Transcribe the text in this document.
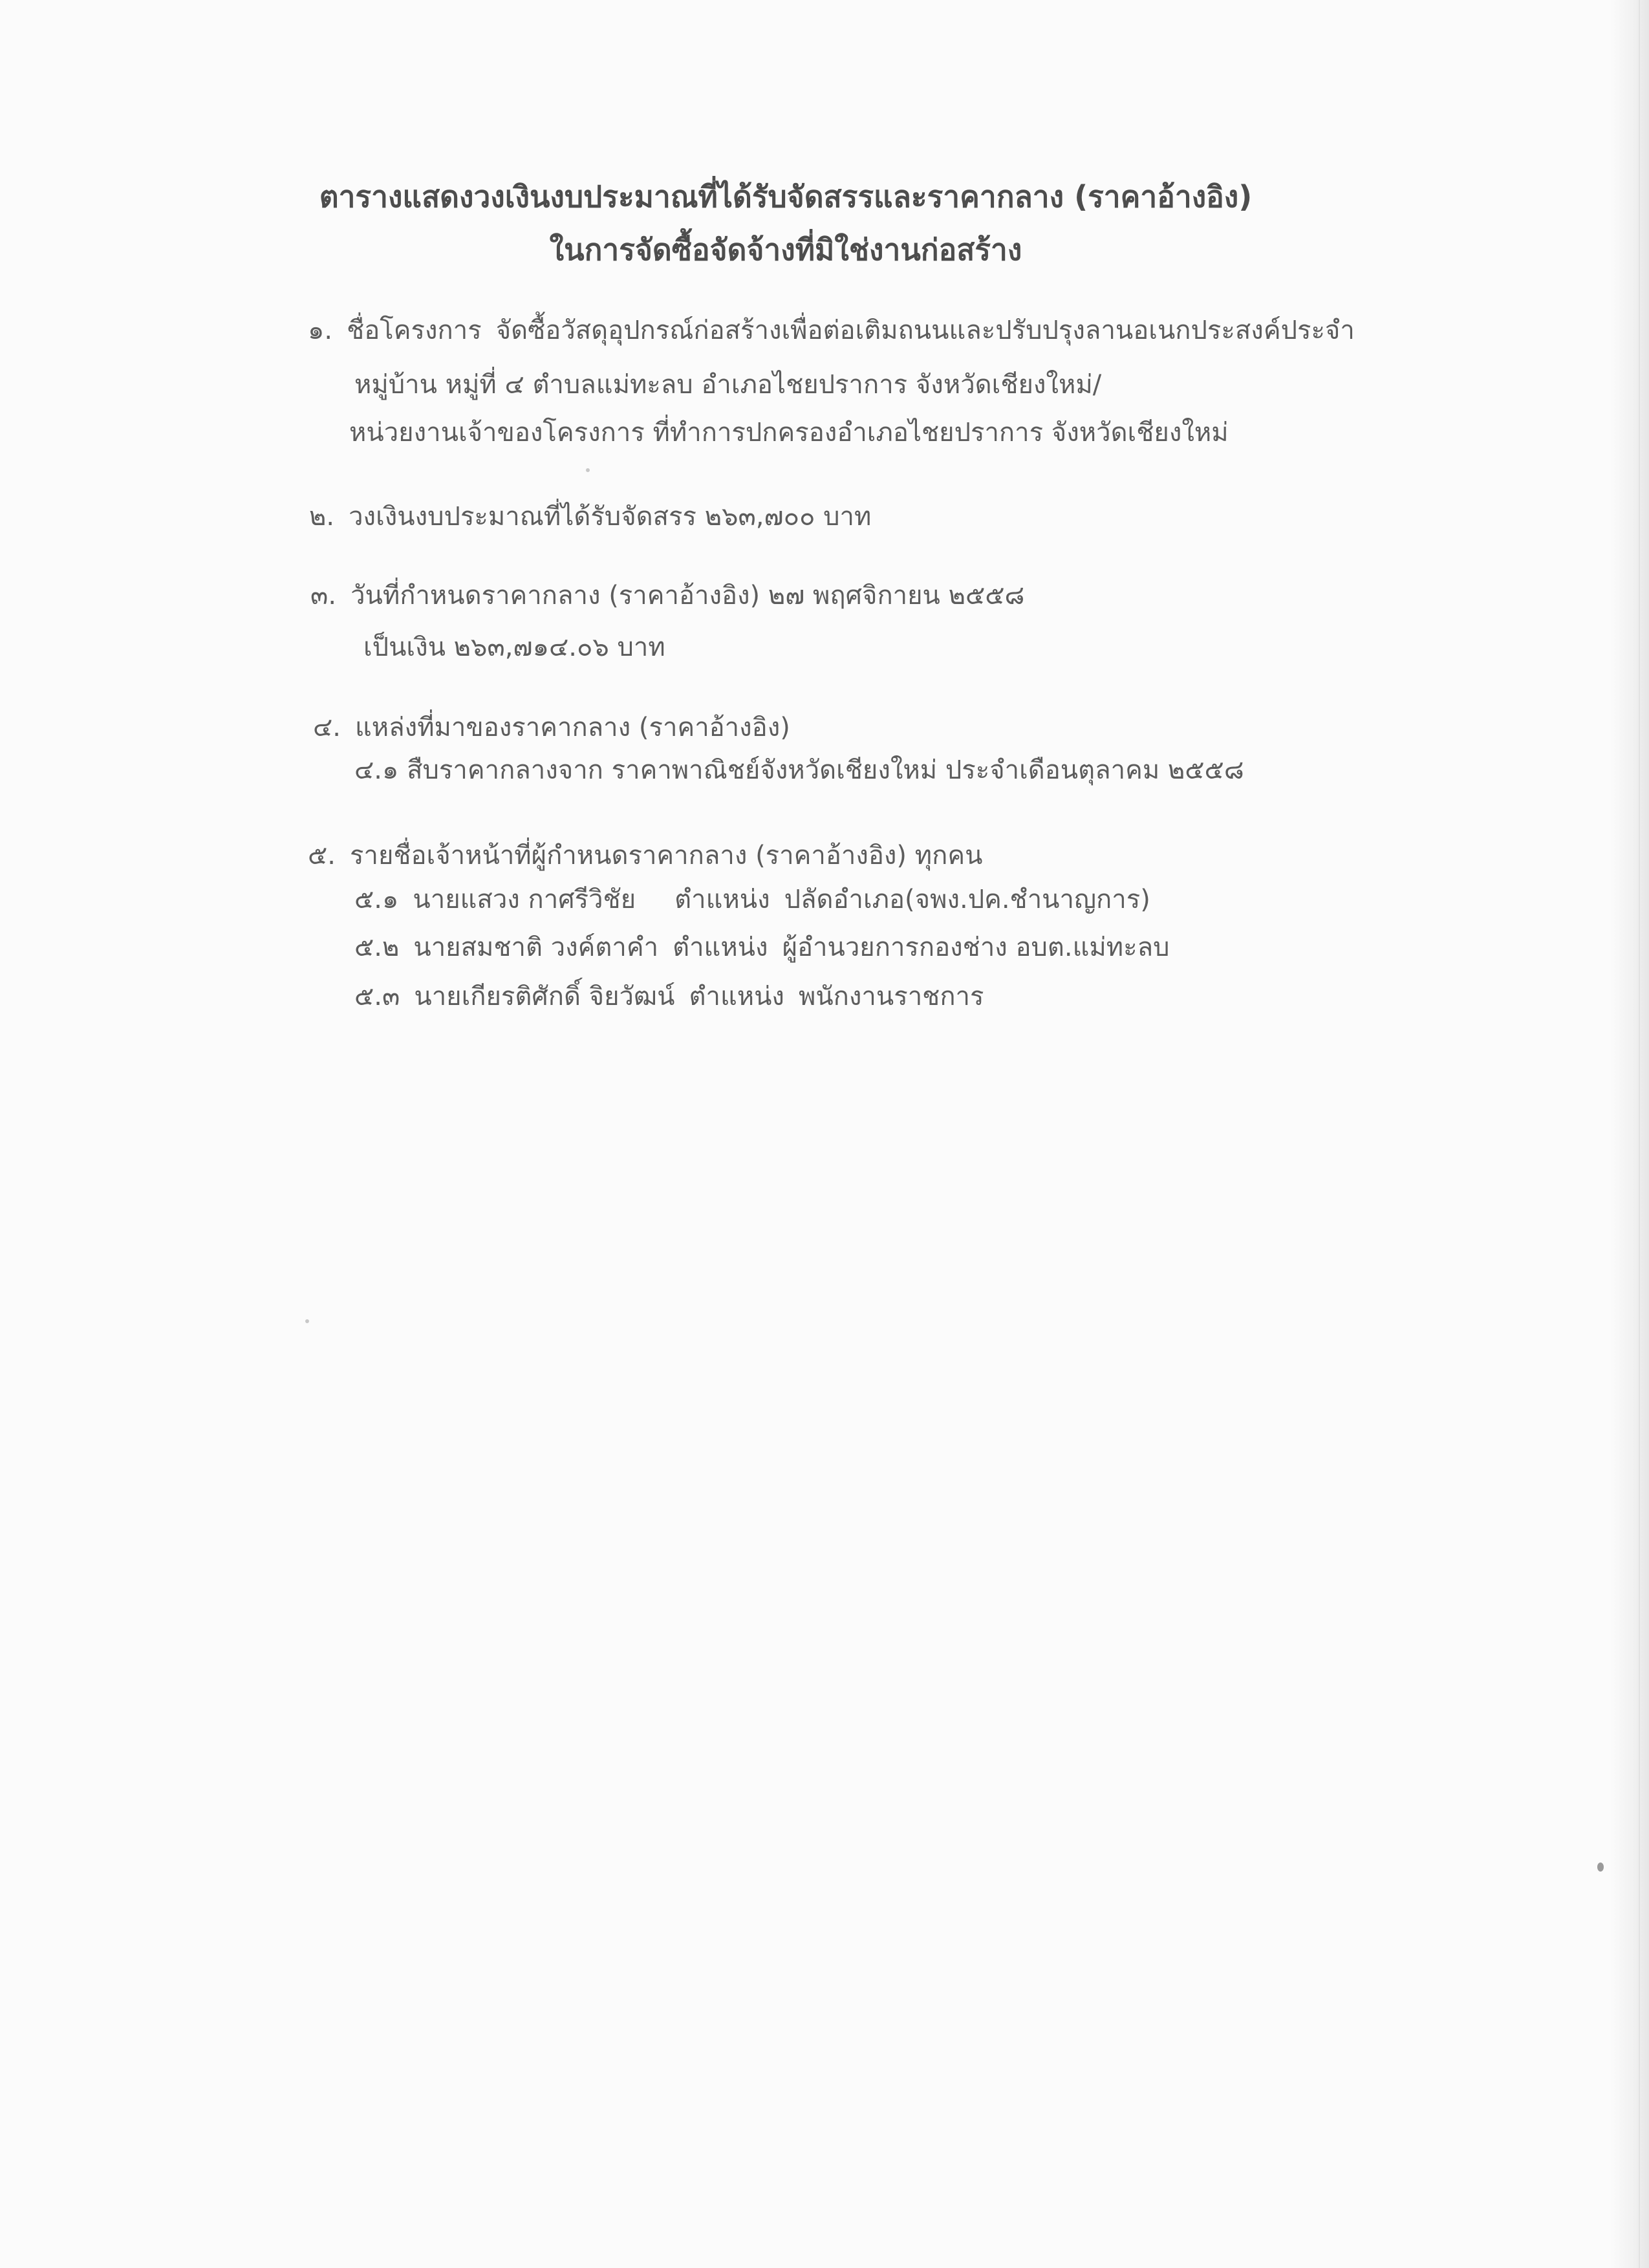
ตารางแสดงวงเงินงบประมาณที่ได้รับจัดสรรและราคากลาง (ราคาอ้างอิง)
ในการจัดซื้อจัดจ้างที่มิใช่งานก่อสร้าง
๑. ชื่อโครงการ จัดซื้อวัสดุอุปกรณ์ก่อสร้างเพื่อต่อเติมถนนและปรับปรุงลานอเนกประสงค์ประจำ
หมู่บ้าน หมู่ที่ ๔ ตำบลแม่ทะลบ อำเภอไชยปราการ จังหวัดเชียงใหม่/
หน่วยงานเจ้าของโครงการ ที่ทำการปกครองอำเภอไชยปราการ จังหวัดเชียงใหม่
๒. วงเงินงบประมาณที่ได้รับจัดสรร ๒๖๓,๗๐๐ บาท
๓. วันที่กำหนดราคากลาง (ราคาอ้างอิง) ๒๗ พฤศจิกายน ๒๕๕๘
เป็นเงิน ๒๖๓,๗๑๔.๐๖ บาท
๔. แหล่งที่มาของราคากลาง (ราคาอ้างอิง)
๔.๑ สืบราคากลางจาก ราคาพาณิชย์จังหวัดเชียงใหม่ ประจำเดือนตุลาคม ๒๕๕๘
๕. รายชื่อเจ้าหน้าที่ผู้กำหนดราคากลาง (ราคาอ้างอิง) ทุกคน
๕.๑ นายแสวง กาศรีวิชัย ตำแหน่ง ปลัดอำเภอ(จพง.ปค.ชำนาญการ)
๕.๒ นายสมชาติ วงค์ตาคำ ตำแหน่ง ผู้อำนวยการกองช่าง อบต.แม่ทะลบ
๕.๓ นายเกียรติศักดิ์ จิยวัฒน์ ตำแหน่ง พนักงานราชการ
